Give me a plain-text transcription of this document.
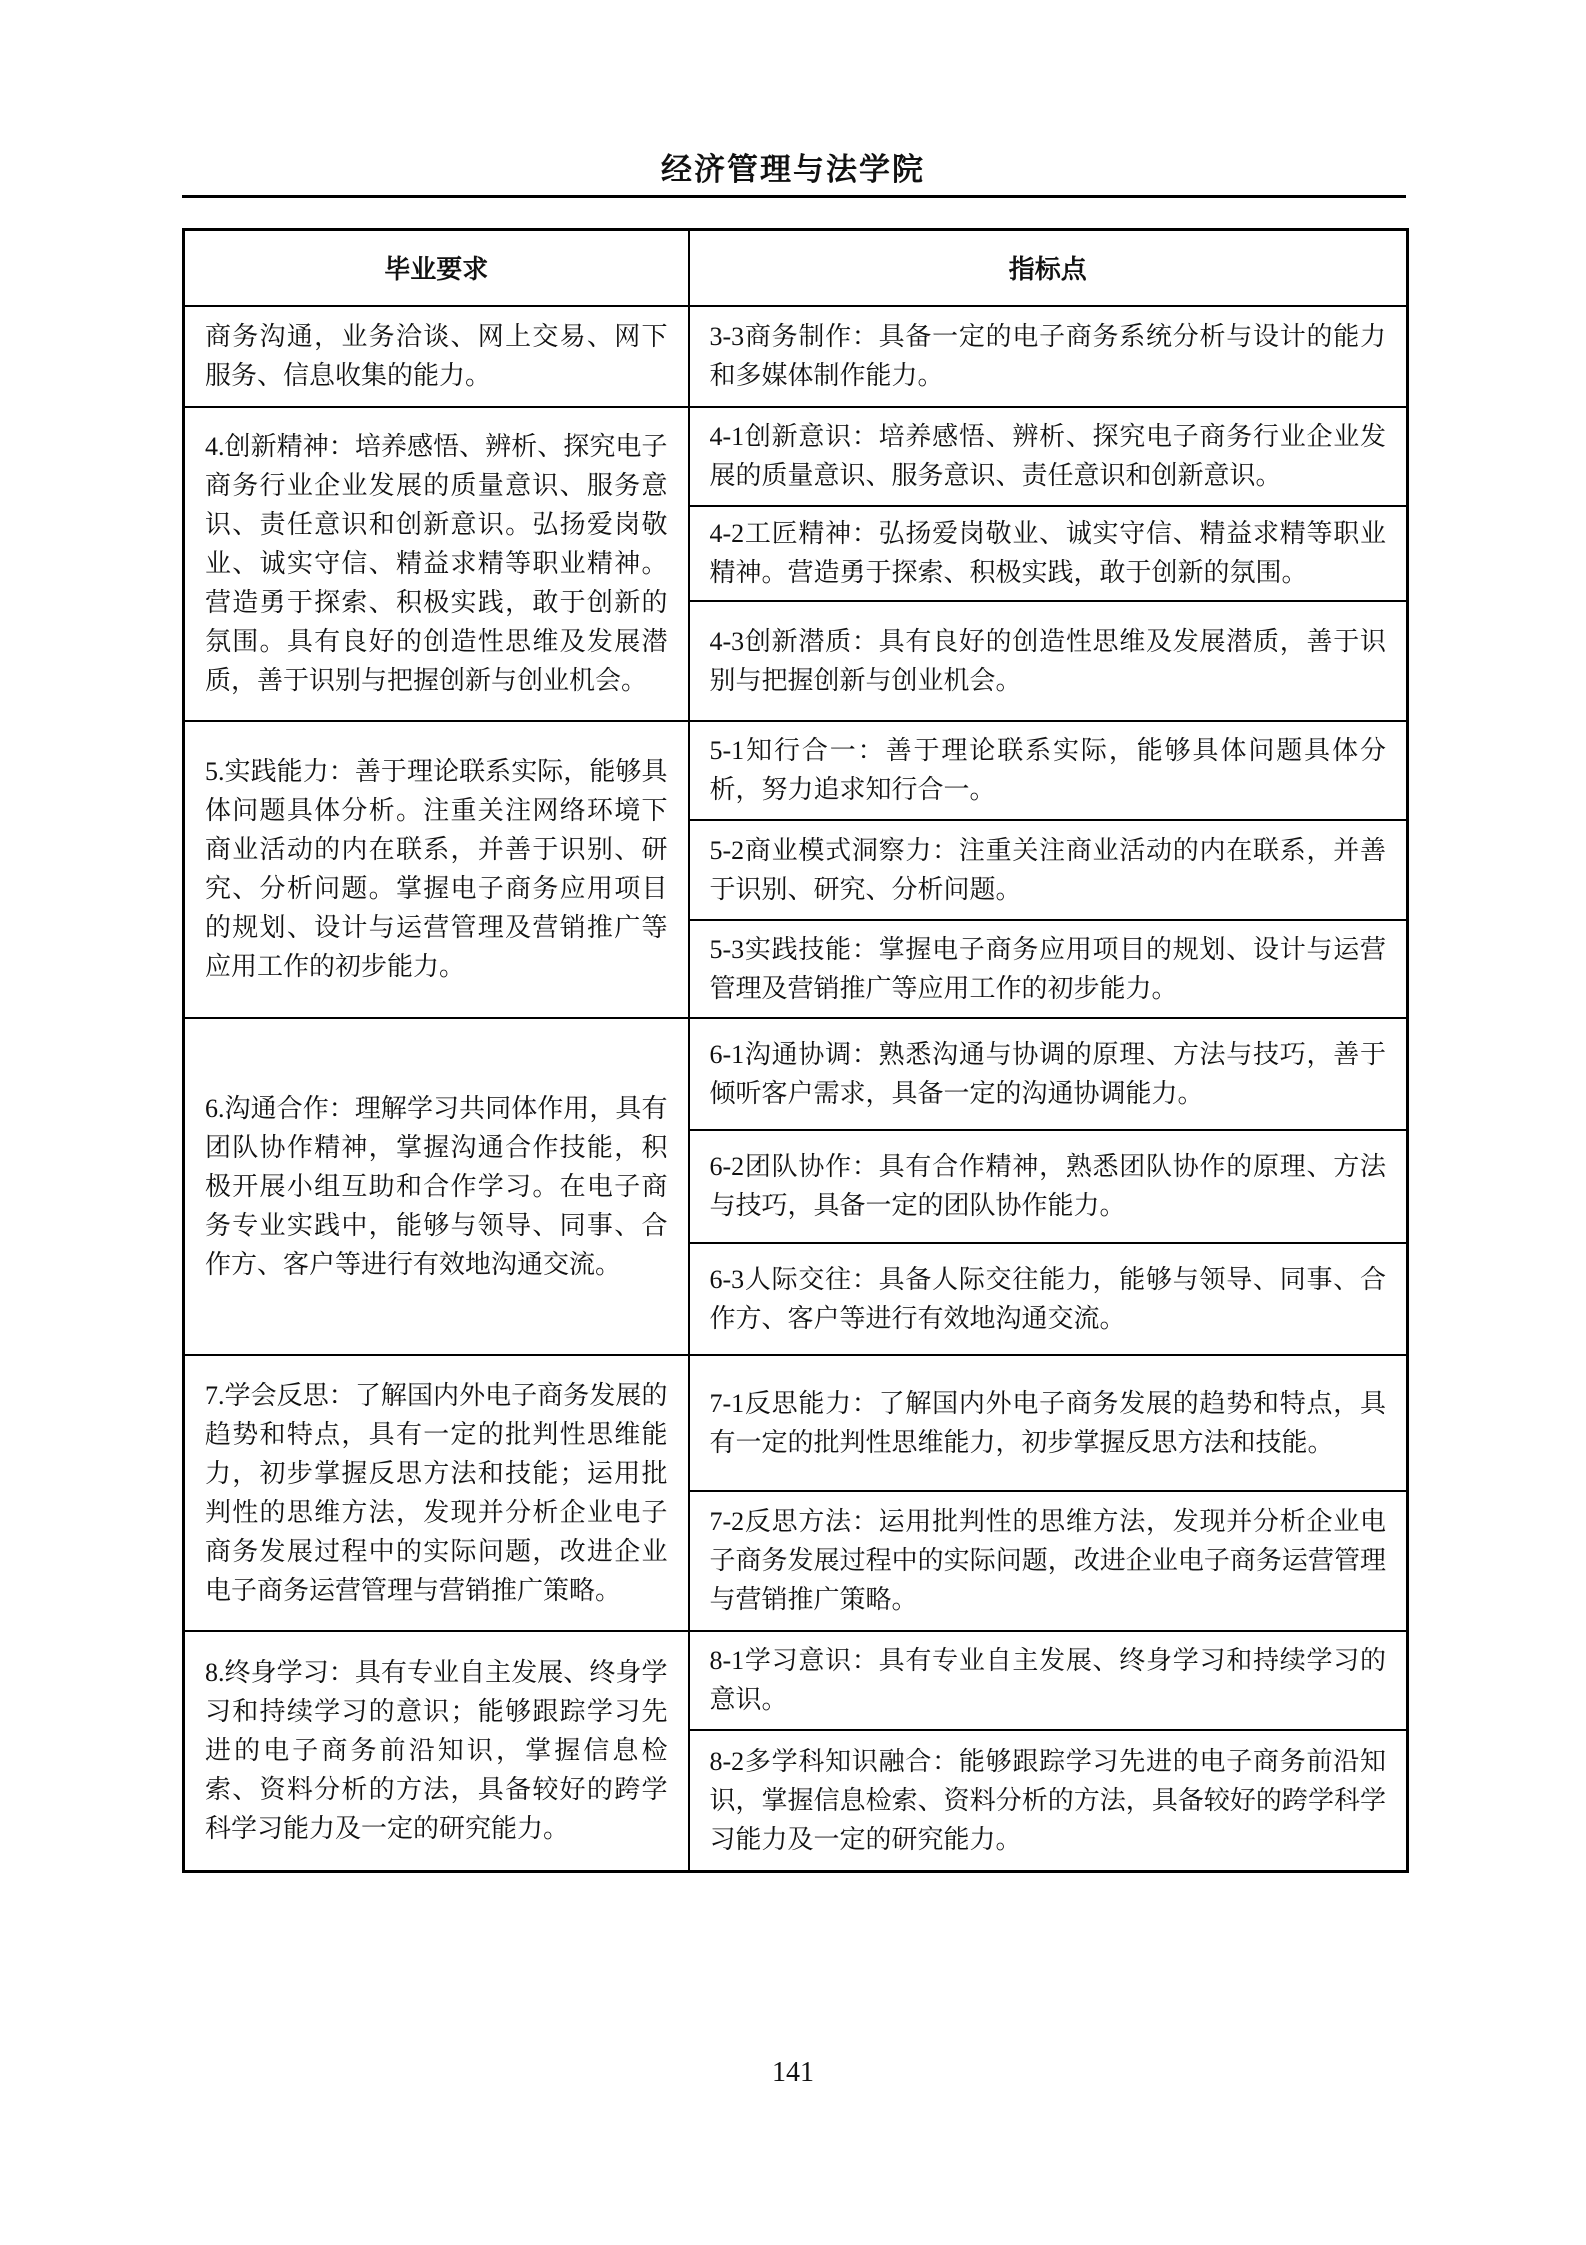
经济管理与法学院
毕业要求	指标点
商务沟通，业务洽谈、网上交易、网下服务、信息收集的能力。	3-3商务制作：具备一定的电子商务系统分析与设计的能力和多媒体制作能力。
4.创新精神：培养感悟、辨析、探究电子商务行业企业发展的质量意识、服务意识、责任意识和创新意识。弘扬爱岗敬业、诚实守信、精益求精等职业精神。营造勇于探索、积极实践，敢于创新的氛围。具有良好的创造性思维及发展潜质，善于识别与把握创新与创业机会。	4-1创新意识：培养感悟、辨析、探究电子商务行业企业发展的质量意识、服务意识、责任意识和创新意识。
	4-2工匠精神：弘扬爱岗敬业、诚实守信、精益求精等职业精神。营造勇于探索、积极实践，敢于创新的氛围。
	4-3创新潜质：具有良好的创造性思维及发展潜质，善于识别与把握创新与创业机会。
5.实践能力：善于理论联系实际，能够具体问题具体分析。注重关注网络环境下商业活动的内在联系，并善于识别、研究、分析问题。掌握电子商务应用项目的规划、设计与运营管理及营销推广等应用工作的初步能力。	5-1知行合一：善于理论联系实际，能够具体问题具体分析，努力追求知行合一。
	5-2商业模式洞察力：注重关注商业活动的内在联系，并善于识别、研究、分析问题。
	5-3实践技能：掌握电子商务应用项目的规划、设计与运营管理及营销推广等应用工作的初步能力。
6.沟通合作：理解学习共同体作用，具有团队协作精神，掌握沟通合作技能，积极开展小组互助和合作学习。在电子商务专业实践中，能够与领导、同事、合作方、客户等进行有效地沟通交流。	6-1沟通协调：熟悉沟通与协调的原理、方法与技巧，善于倾听客户需求，具备一定的沟通协调能力。
	6-2团队协作：具有合作精神，熟悉团队协作的原理、方法与技巧，具备一定的团队协作能力。
	6-3人际交往：具备人际交往能力，能够与领导、同事、合作方、客户等进行有效地沟通交流。
7.学会反思：了解国内外电子商务发展的趋势和特点，具有一定的批判性思维能力，初步掌握反思方法和技能；运用批判性的思维方法，发现并分析企业电子商务发展过程中的实际问题，改进企业电子商务运营管理与营销推广策略。	7-1反思能力：了解国内外电子商务发展的趋势和特点，具有一定的批判性思维能力，初步掌握反思方法和技能。
	7-2反思方法：运用批判性的思维方法，发现并分析企业电子商务发展过程中的实际问题，改进企业电子商务运营管理与营销推广策略。
8.终身学习：具有专业自主发展、终身学习和持续学习的意识；能够跟踪学习先进的电子商务前沿知识，掌握信息检索、资料分析的方法，具备较好的跨学科学习能力及一定的研究能力。	8-1学习意识：具有专业自主发展、终身学习和持续学习的意识。
	8-2多学科知识融合：能够跟踪学习先进的电子商务前沿知识，掌握信息检索、资料分析的方法，具备较好的跨学科学习能力及一定的研究能力。
141
